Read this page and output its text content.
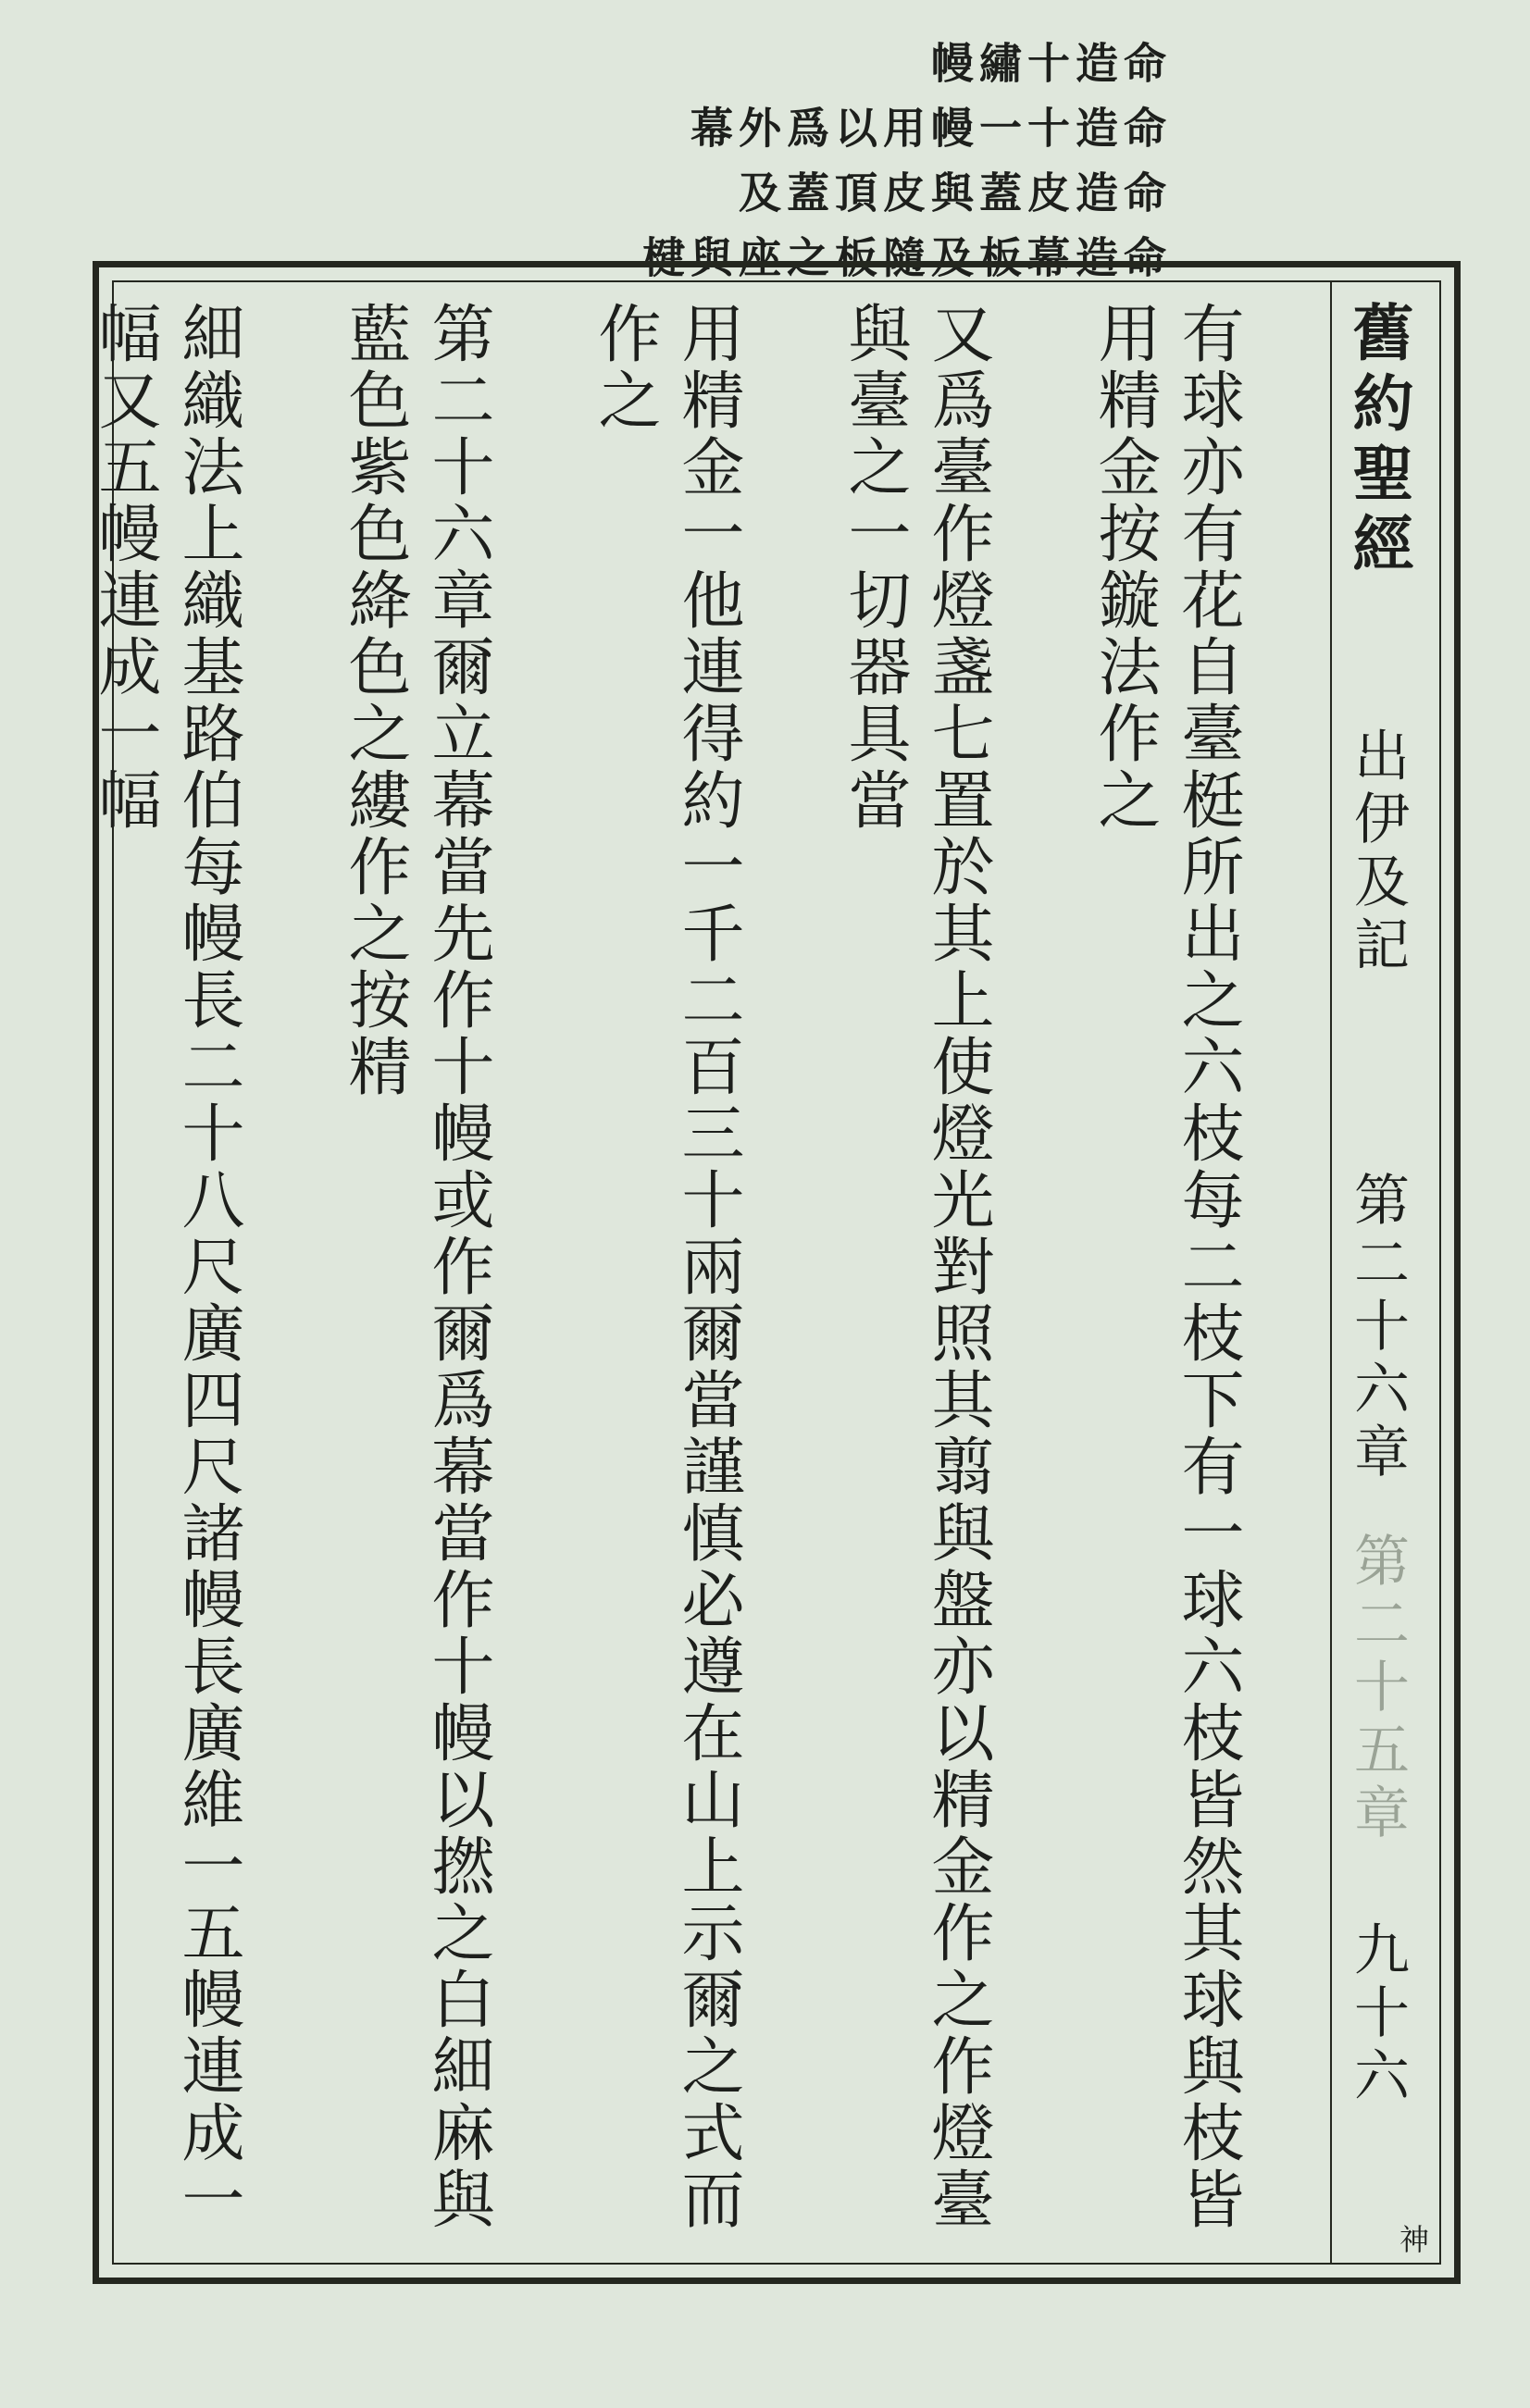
命造十繡幔
命造十一幔
用以爲外幕
命造皮蓋與
皮頂蓋及
命造幕板及
隨板之座與
楗
舊約聖經
出伊及記
第二十六章
第二十五章
九十六
神

有球亦有花自臺梃所出之六枝每二枝下有一球六枝皆然其球與枝皆用精金按鏇法作之

又爲臺作燈盞七置於其上使燈光對照其翦與盤亦以精金作之作燈臺與臺之一切器具當

用精金一他連得約一千二百三十兩爾當謹慎必遵在山上示爾之式而作之

第二十六章爾立幕當先作十幔或作爾爲幕當作十幔以撚之白細麻與藍色紫色絳色之縷作之按精

細織法上織基路伯每幔長二十八尺廣四尺諸幔長廣維一五幔連成一幅又五幔連成一幅
